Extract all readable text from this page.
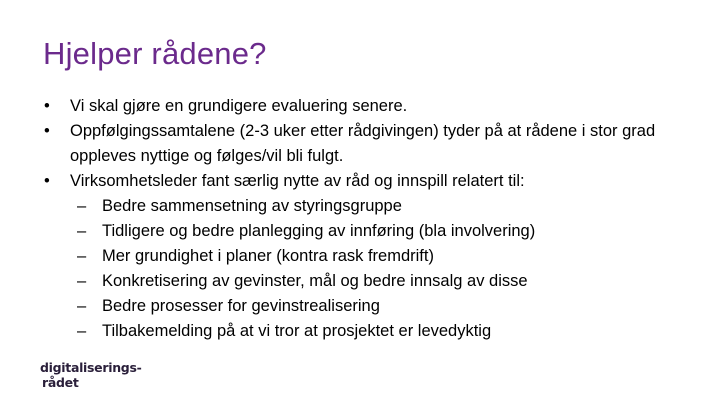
Hjelper rådene?
• Vi skal gjøre en grundigere evaluering senere.
• Oppfølgingssamtalene (2-3 uker etter rådgivingen) tyder på at rådene i stor grad oppleves nyttige og følges/vil bli fulgt.
• Virksomhetsleder fant særlig nytte av råd og innspill relatert til:
– Bedre sammensetning av styringsgruppe
– Tidligere og bedre planlegging av innføring (bla involvering)
– Mer grundighet i planer (kontra rask fremdrift)
– Konkretisering av gevinster, mål og bedre innsalg av disse
– Bedre prosesser for gevinstrealisering
– Tilbakemelding på at vi tror at prosjektet er levedyktig
digitaliserings-
rådet
